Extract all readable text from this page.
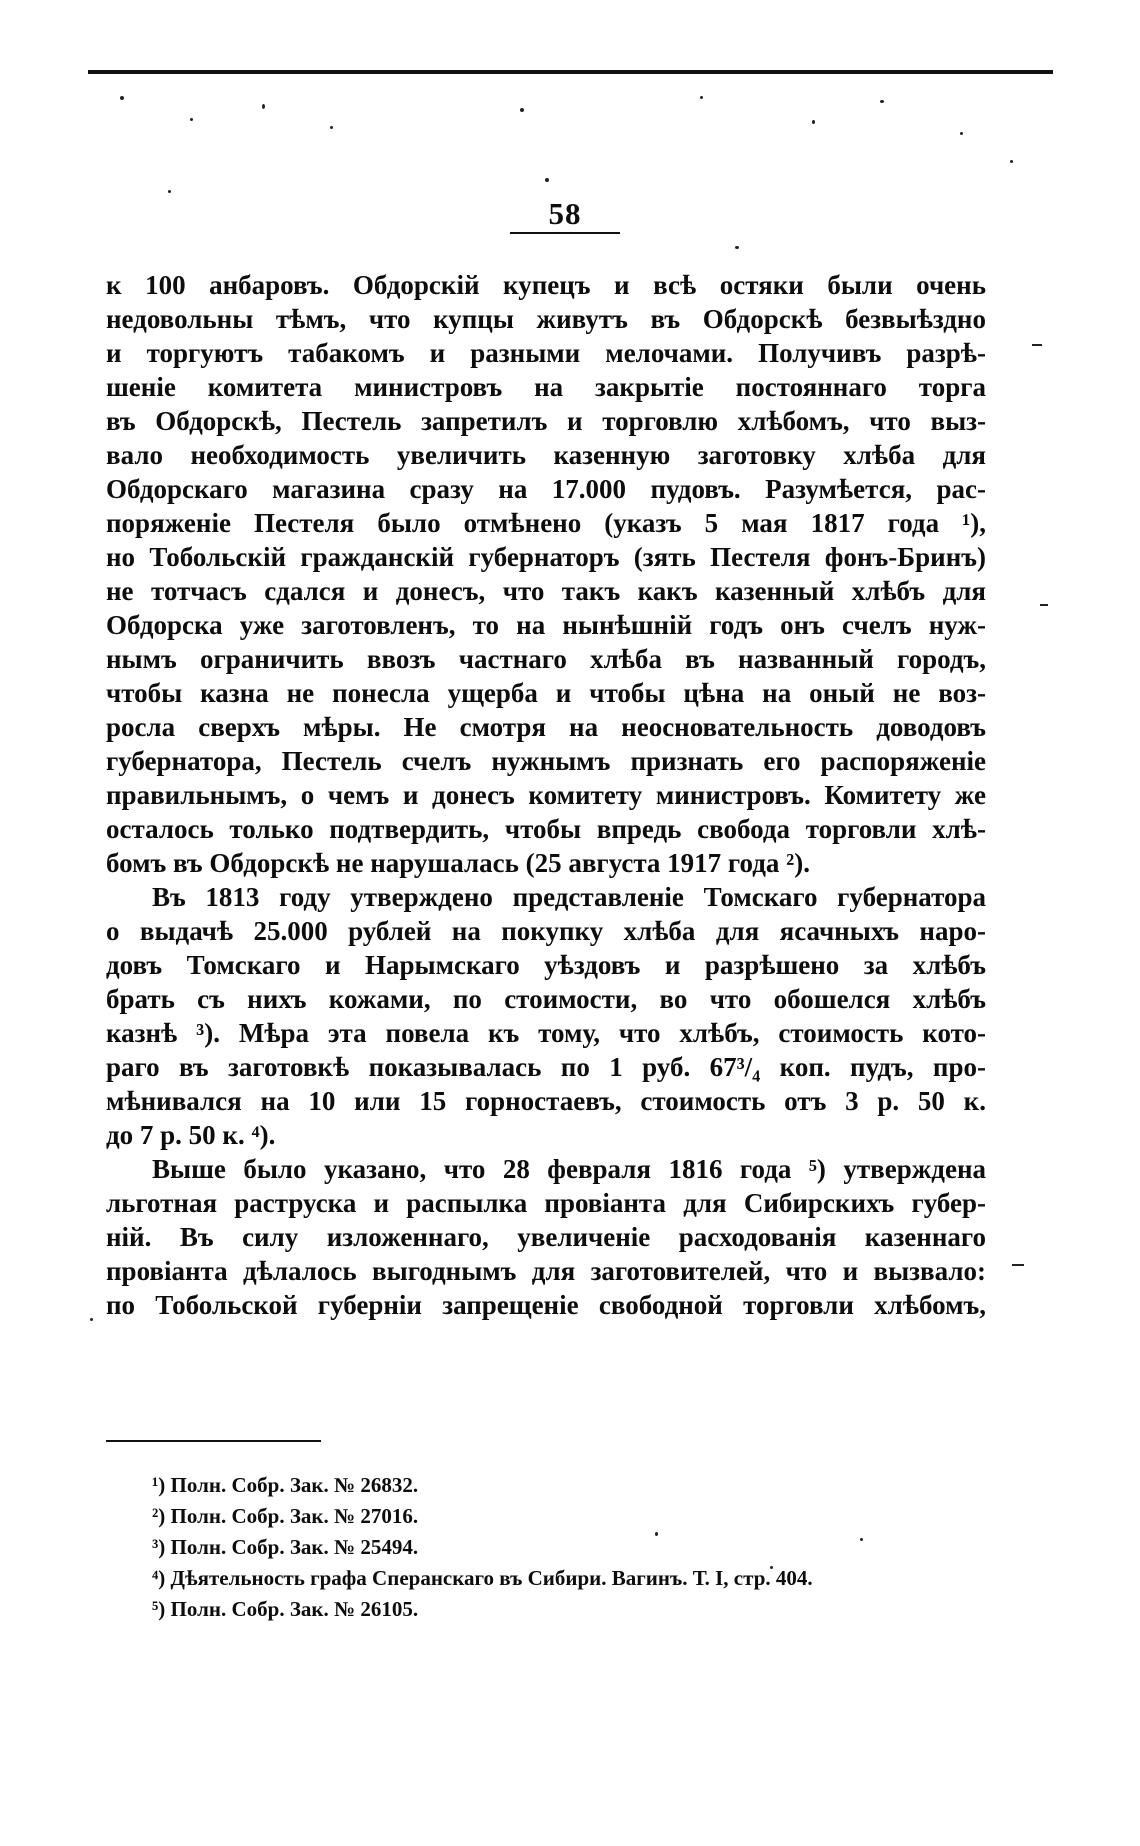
58
к 100 анбаровъ. Обдорскій купецъ и всѣ остяки были очень
недовольны тѣмъ, что купцы живутъ въ Обдорскѣ безвыѣздно
и торгуютъ табакомъ и разными мелочами. Получивъ разрѣ-
шеніе комитета министровъ на закрытіе постояннаго торга
въ Обдорскѣ, Пестель запретилъ и торговлю хлѣбомъ, что выз-
вало необходимость увеличить казенную заготовку хлѣба для
Обдорскаго магазина сразу на 17.000 пудовъ. Разумѣется, рас-
поряженіе Пестеля было отмѣнено (указъ 5 мая 1817 года ¹),
но Тобольскій гражданскій губернаторъ (зять Пестеля фонъ-Бринъ)
не тотчасъ сдался и донесъ, что такъ какъ казенный хлѣбъ для
Обдорска уже заготовленъ, то на нынѣшній годъ онъ счелъ нуж-
нымъ ограничить ввозъ частнаго хлѣба въ названный городъ,
чтобы казна не понесла ущерба и чтобы цѣна на оный не воз-
росла сверхъ мѣры. Не смотря на неосновательность доводовъ
губернатора, Пестель счелъ нужнымъ признать его распоряженіе
правильнымъ, о чемъ и донесъ комитету министровъ. Комитету же
осталось только подтвердить, чтобы впредь свобода торговли хлѣ-
бомъ въ Обдорскѣ не нарушалась (25 августа 1917 года ²).
Въ 1813 году утверждено представленіе Томскаго губернатора
о выдачѣ 25.000 рублей на покупку хлѣба для ясачныхъ наро-
довъ Томскаго и Нарымскаго уѣздовъ и разрѣшено за хлѣбъ
брать съ нихъ кожами, по стоимости, во что обошелся хлѣбъ
казнѣ ³). Мѣра эта повела къ тому, что хлѣбъ, стоимость кото-
раго въ заготовкѣ показывалась по 1 руб. 67³/₄ коп. пудъ, про-
мѣнивался на 10 или 15 горностаевъ, стоимость отъ 3 р. 50 к.
до 7 р. 50 к. ⁴).
Выше было указано, что 28 февраля 1816 года ⁵) утверждена
льготная раструска и распылка провіанта для Сибирскихъ губер-
ній. Въ силу изложеннаго, увеличеніе расходованія казеннаго
провіанта дѣлалось выгоднымъ для заготовителей, что и вызвало:
по Тобольской губерніи запрещеніе свободной торговли хлѣбомъ,
¹) Полн. Собр. Зак. № 26832.
²) Полн. Собр. Зак. № 27016.
³) Полн. Собр. Зак. № 25494.
⁴) Дѣятельность графа Сперанскаго въ Сибири. Вагинъ. Т. I, стр. 404.
⁵) Полн. Собр. Зак. № 26105.
